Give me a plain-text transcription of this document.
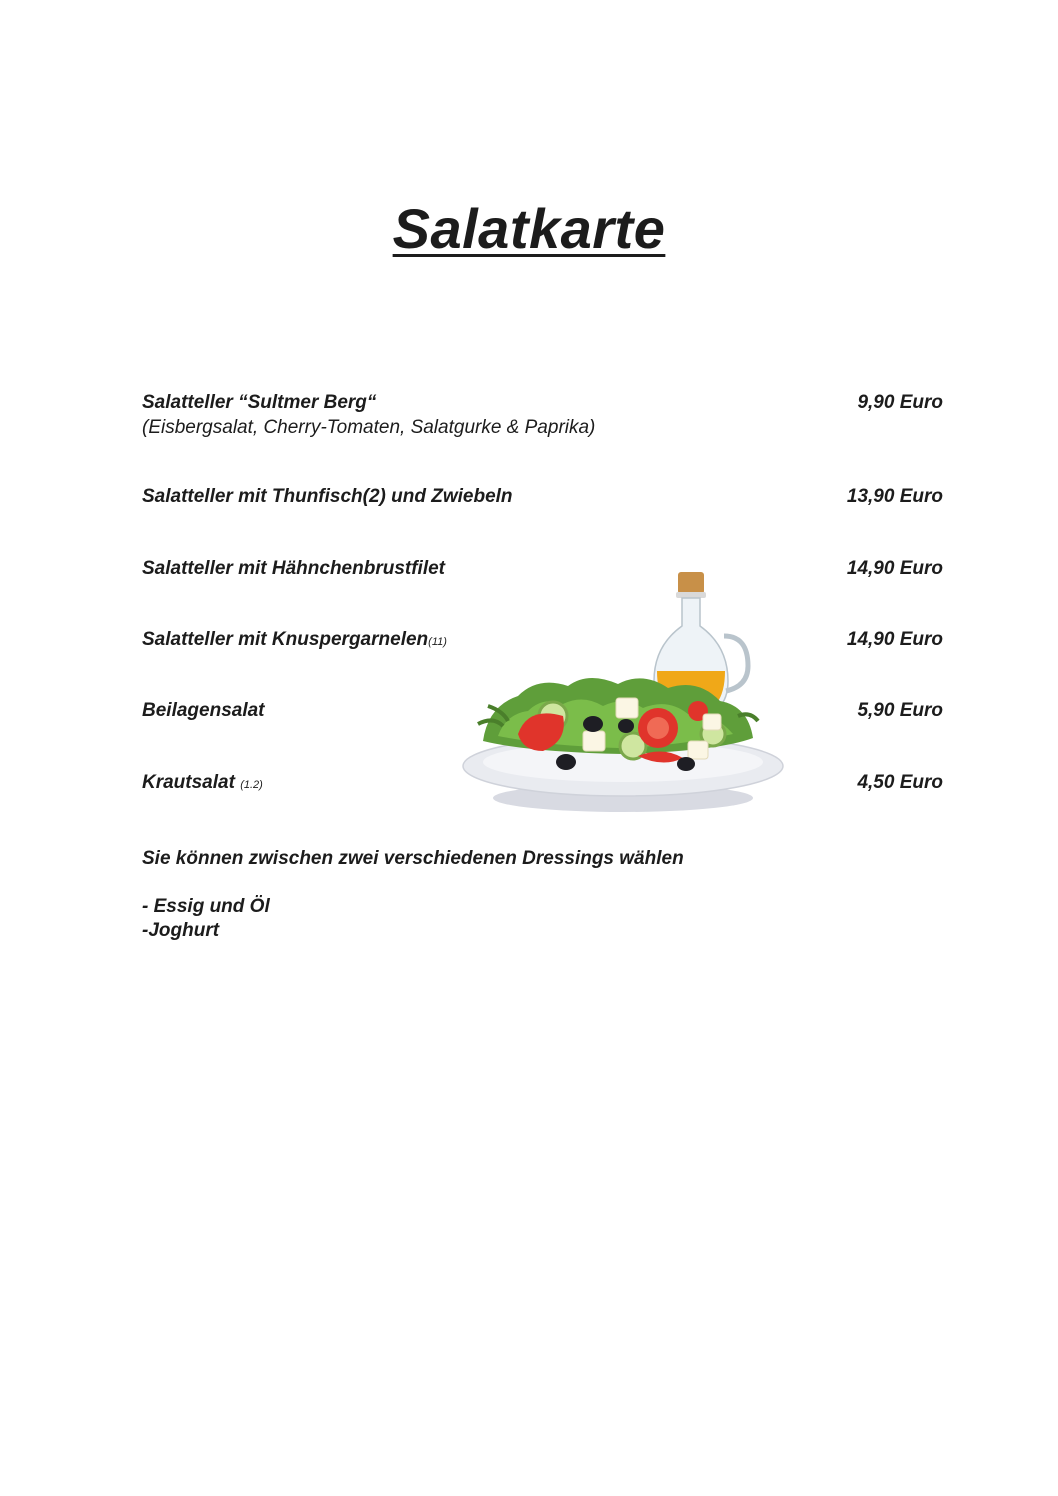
Salatkarte
Salatteller “Sultmer Berg“	9,90 Euro
(Eisbergsalat, Cherry-Tomaten, Salatgurke & Paprika)
Salatteller mit Thunfisch(2) und Zwiebeln	13,90 Euro
Salatteller mit Hähnchenbrustfilet	14,90 Euro
Salatteller mit Knuspergarnelen(11)	14,90 Euro
Beilagensalat	5,90 Euro
Krautsalat (1.2)	4,50 Euro
Sie können zwischen zwei verschiedenen Dressings wählen
- Essig und Öl
-Joghurt
